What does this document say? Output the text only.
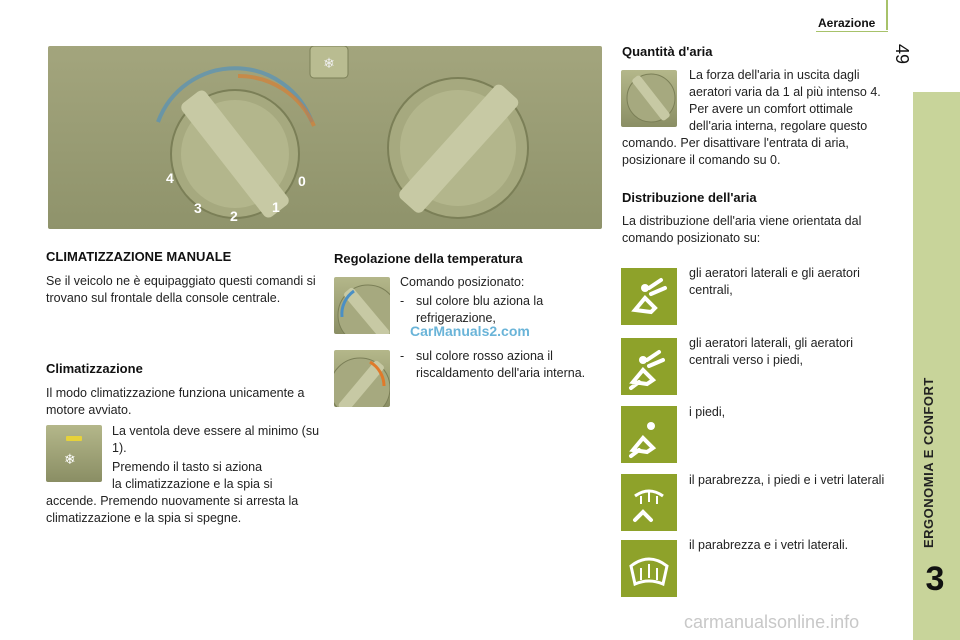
Aerazione
49
ERGONOMIA E CONFORT
3
❄
4
3 2
1
0
CLIMATIZZAZIONE MANUALE
Se il veicolo ne è equipaggiato questi comandi si trovano sul frontale della console centrale.
Climatizzazione
Il modo climatizzazione funziona unicamente a motore avviato.
❄
La ventola deve essere al minimo (su 1).
Premendo il tasto si aziona
la climatizzazione e la spia si
accende. Premendo nuovamente si arresta la climatizzazione e la spia si spegne.
Regolazione della temperatura
Comando posizionato:
- sul colore blu aziona la refrigerazione,
CarManuals2.com
- sul colore rosso aziona il riscaldamento dell'aria interna.
Quantità d'aria
La forza dell'aria in uscita dagli aeratori varia da 1 al più intenso 4. Per avere un comfort ottimale dell'aria interna, regolare questo
comando. Per disattivare l'entrata di aria, posizionare il comando su 0.
Distribuzione dell'aria
La distribuzione dell'aria viene orientata dal comando posizionato su:
gli aeratori laterali e gli aeratori centrali,
gli aeratori laterali, gli aeratori centrali verso i piedi,
i piedi,
il parabrezza, i piedi e i vetri laterali
il parabrezza e i vetri laterali.
carmanualsonline.info
